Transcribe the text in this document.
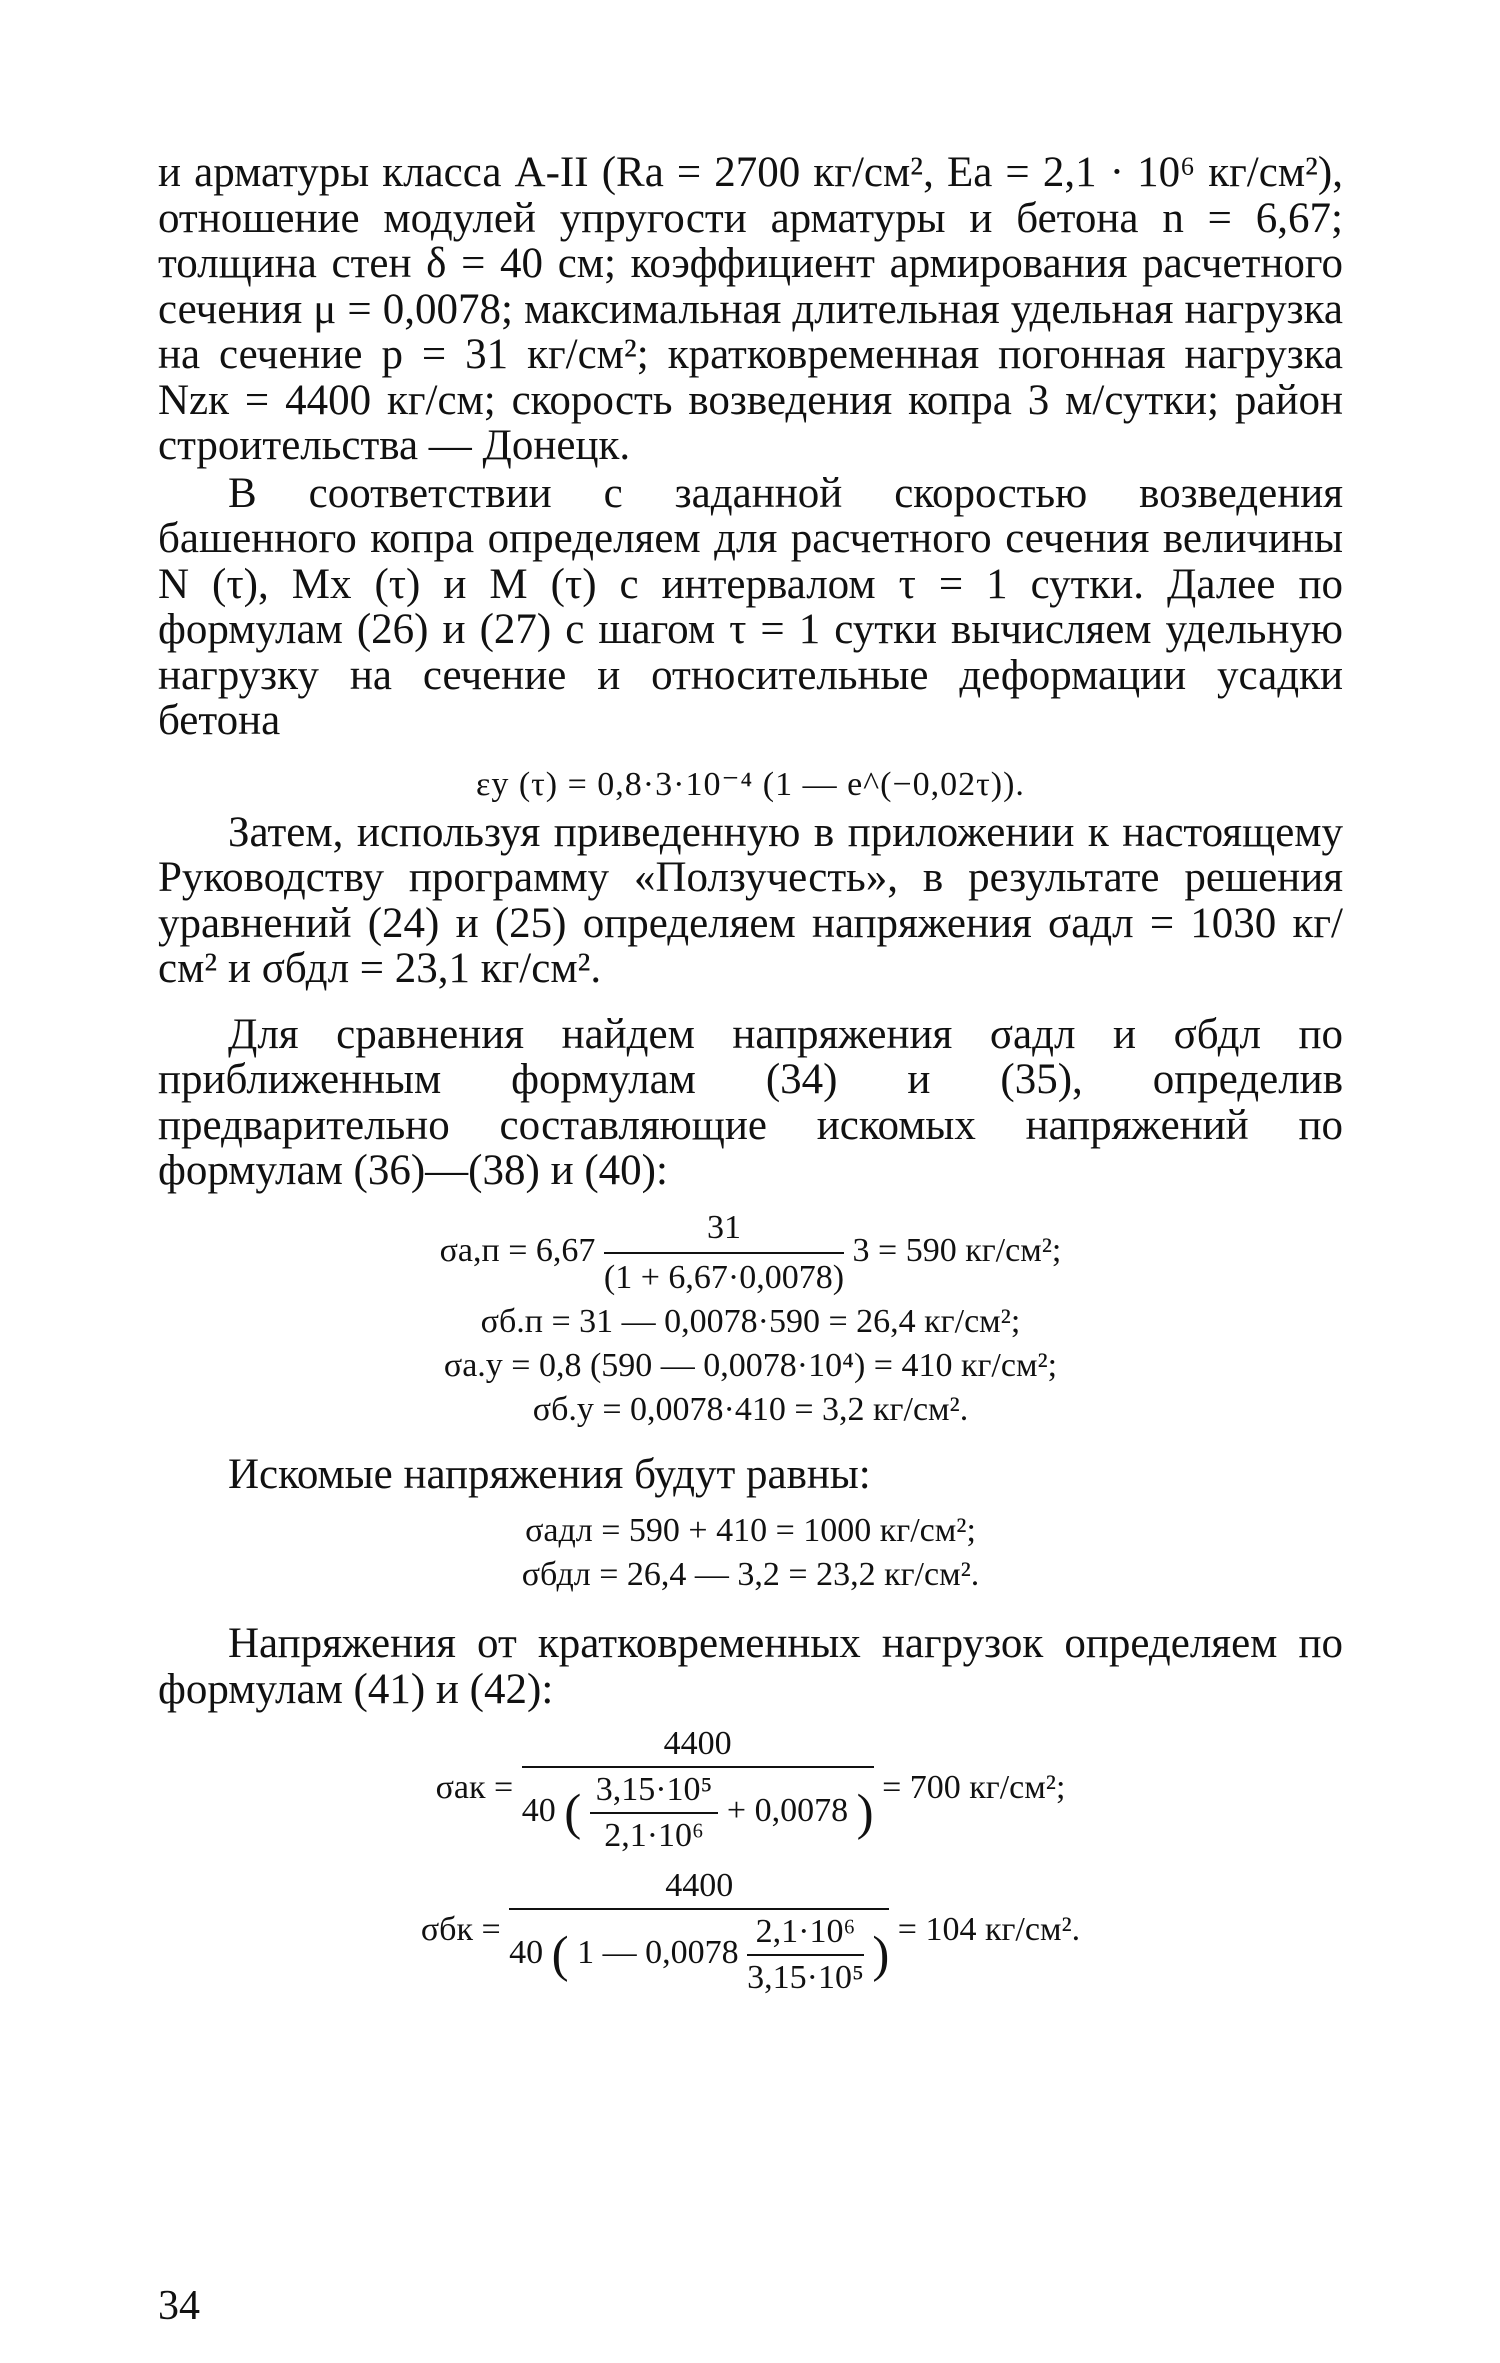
и арматуры класса А-II (Rа = 2700 кг/см², Eа = 2,1 · 10⁶ кг/см²), отношение модулей упругости арматуры и бетона n = 6,67; толщина стен δ = 40 см; коэффициент армирования расчетного сечения μ = 0,0078; максимальная длительная удельная нагрузка на сечение p = 31 кг/см²; кратковременная погонная нагрузка Nzк = 4400 кг/см; скорость возведения копра 3 м/сутки; район строительства — Донецк.

В соответствии с заданной скоростью возведения башенного копра определяем для расчетного сечения величины N (τ), Mx (τ) и M (τ) с интервалом τ = 1 сутки. Далее по формулам (26) и (27) с шагом τ = 1 сутки вычисляем удельную нагрузку на сечение и относительные деформации усадки бетона

εy (τ) = 0,8·3·10⁻⁴ (1 — e^(−0,02τ)).

Затем, используя приведенную в приложении к настоящему Руководству программу «Ползучесть», в результате решения уравнений (24) и (25) определяем напряжения σадл = 1030 кг/см² и σбдл = 23,1 кг/см².

Для сравнения найдем напряжения σадл и σбдл по приближенным формулам (34) и (35), определив предварительно составляющие искомых напряжений по формулам (36)—(38) и (40):

$\sigma а,п = 6,67 \frac{31}{(1 + 6,67\cdot 0,0078)} 3 = 590$ кг/см²;
σб.п = 31 — 0,0078·590 = 26,4 кг/см²;
σа.у = 0,8 (590 — 0,0078·10⁴) = 410 кг/см²;
σб.у = 0,0078·410 = 3,2 кг/см².

Искомые напряжения будут равны:

σадл = 590 + 410 = 1000 кг/см²;
σбдл = 26,4 — 3,2 = 23,2 кг/см².

Напряжения от кратковременных нагрузок определяем по формулам (41) и (42):

σак =
4400
40 ( $\frac{\text{3,15·10⁵}}{\text{2,1·10⁶}} + 0,0078$ ) = 700 кг/см²;
σбк =
4400
40 ( 1 — $0,0078 \frac{\text{2,1·10⁶}}{\text{3,15·10⁵}}$ ) = 104 кг/см².
34
